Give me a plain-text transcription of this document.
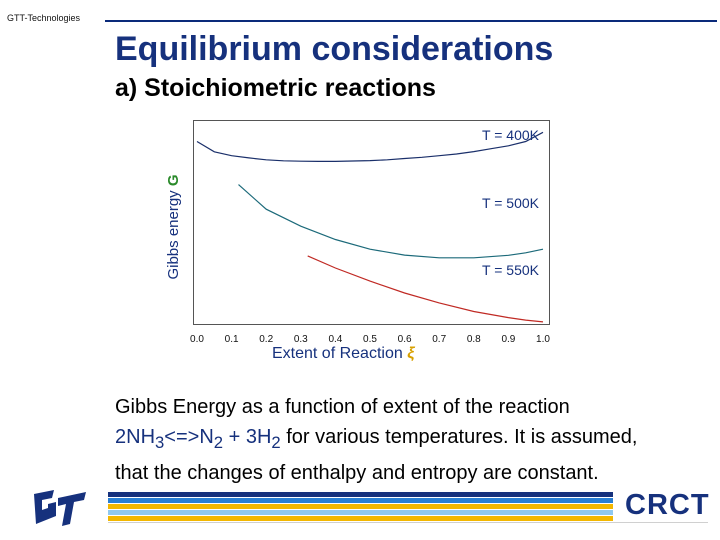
GTT-Technologies
Equilibrium considerations
a) Stoichiometric reactions
Gibbs energy G
T = 400K
T = 500K
T = 550K
0.0 0.1 0.2 0.3 0.4 0.5 0.6 0.7 0.8 0.9 1.0
Extent of Reaction ξ
Gibbs Energy as a function of extent of the reaction
$2NH_3<=>N_2 + 3H_2$ for various temperatures. It is assumed,
that the changes of enthalpy and entropy are constant.
CRCT
